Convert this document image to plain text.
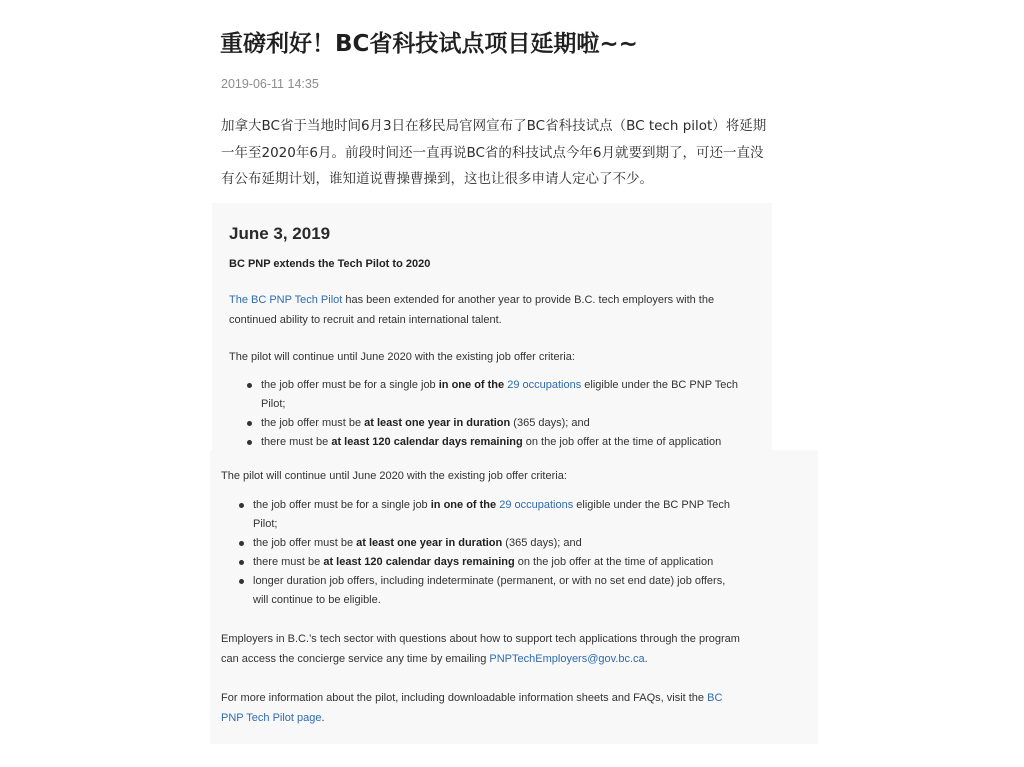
重磅利好！BC省科技试点项目延期啦~~
2019-06-11 14:35
加拿大BC省于当地时间6月3日在移民局官网宣布了BC省科技试点（BC tech pilot）将延期
一年至2020年6月。前段时间还一直再说BC省的科技试点今年6月就要到期了，可还一直没
有公布延期计划，谁知道说曹操曹操到，这也让很多申请人定心了不少。
June 3, 2019
BC PNP extends the Tech Pilot to 2020
The BC PNP Tech Pilot has been extended for another year to provide B.C. tech employers with the
continued ability to recruit and retain international talent.
The pilot will continue until June 2020 with the existing job offer criteria:
the job offer must be for a single job in one of the 29 occupations eligible under the BC PNP Tech
Pilot;
the job offer must be at least one year in duration (365 days); and
there must be at least 120 calendar days remaining on the job offer at the time of application
The pilot will continue until June 2020 with the existing job offer criteria:
the job offer must be for a single job in one of the 29 occupations eligible under the BC PNP Tech
Pilot;
the job offer must be at least one year in duration (365 days); and
there must be at least 120 calendar days remaining on the job offer at the time of application
longer duration job offers, including indeterminate (permanent, or with no set end date) job offers,
will continue to be eligible.
Employers in B.C.’s tech sector with questions about how to support tech applications through the program
can access the concierge service any time by emailing PNPTechEmployers@gov.bc.ca.
For more information about the pilot, including downloadable information sheets and FAQs, visit the BC
PNP Tech Pilot page.
